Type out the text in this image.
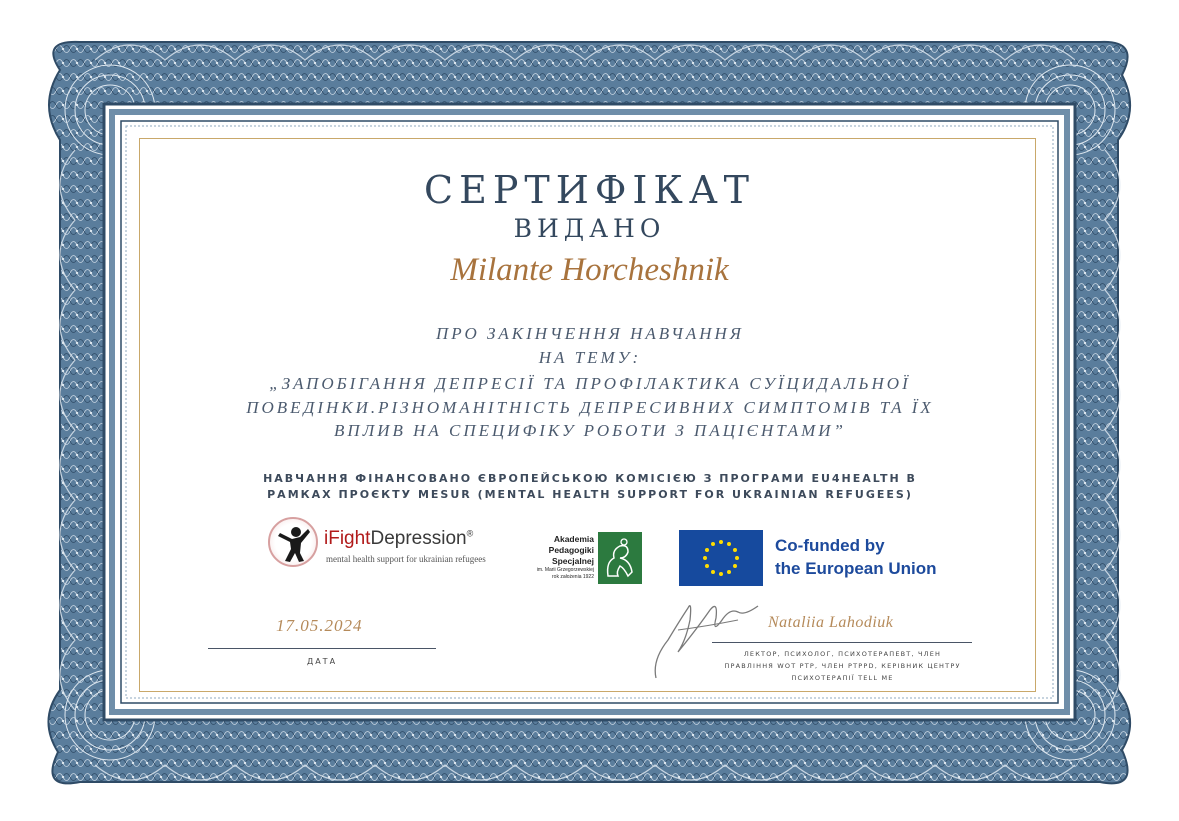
СЕРТИФІКАТ
ВИДАНО
Milante Horcheshnik
ПРО ЗАКІНЧЕННЯ НАВЧАННЯ
НА ТЕМУ:
„ЗАПОБІГАННЯ ДЕПРЕСІЇ ТА ПРОФІЛАКТИКА СУЇЦИДАЛЬНОЇ
ПОВЕДІНКИ.РІЗНОМАНІТНІСТЬ ДЕПРЕСИВНИХ СИМПТОМІВ ТА ЇХ
ВПЛИВ НА СПЕЦИФІКУ РОБОТИ З ПАЦІЄНТАМИ”
НАВЧАННЯ ФІНАНСОВАНО ЄВРОПЕЙСЬКОЮ КОМІСІЄЮ З ПРОГРАМИ EU4HEALTH В
РАМКАХ ПРОЄКТУ MESUR (MENTAL HEALTH SUPPORT FOR UKRAINIAN REFUGEES)
iFightDepression®
mental health support for ukrainian refugees
Akademia
Pedagogiki
Specjalnej
im. Marii Grzegorzewskiej
rok założenia 1922
Co-funded by
the European Union
17.05.2024
ДАТА
Nataliia Lahodiuk
ЛЕКТОР, ПСИХОЛОГ, ПСИХОТЕРАПЕВТ, ЧЛЕН
ПРАВЛІННЯ WOT PTP, ЧЛЕН PTPPD, КЕРІВНИК ЦЕНТРУ
ПСИХОТЕРАПІЇ TELL ME
